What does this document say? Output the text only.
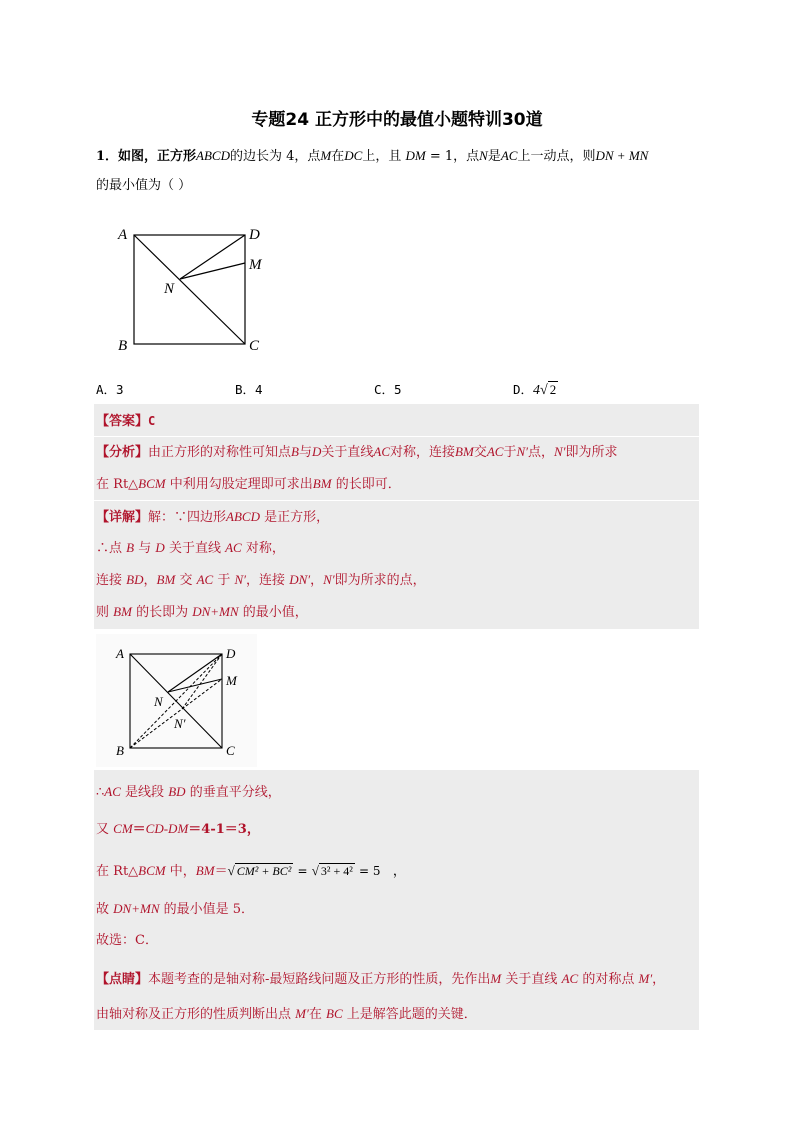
专题24 正方形中的最值小题特训30道
1．如图，正方形ABCD的边长为 4，点M在DC上，且 DM = 1，点N是AC上一动点，则DN + MN
的最小值为（ ）
A	D
M
N
B	C
A．3	B．4	C．5	D．4√ 2
【答案】C
【分析】由正方形的对称性可知点B与D关于直线AC对称，连接BM交AC于N′点，N′即为所求
在 Rt△BCM 中利用勾股定理即可求出BM 的长即可．
【详解】解：∵四边形ABCD 是正方形，
∴点 B 与 D 关于直线 AC 对称，
连接 BD，BM 交 AC 于 N′，连接 DN′，N′即为所求的点，
则 BM 的长即为 DN+MN 的最小值，
A	D
M
N
N′
B	C
∴AC 是线段 BD 的垂直平分线，
又 CM＝CD-DM＝4-1＝3，
在 Rt△BCM 中，BM＝√ CM² + BC² = √ 3² + 4² = 5 ，
故 DN+MN 的最小值是 5．
故选：C．
【点睛】本题考查的是轴对称-最短路线问题及正方形的性质，先作出M 关于直线 AC 的对称点 M′，
由轴对称及正方形的性质判断出点 M′在 BC 上是解答此题的关键．
